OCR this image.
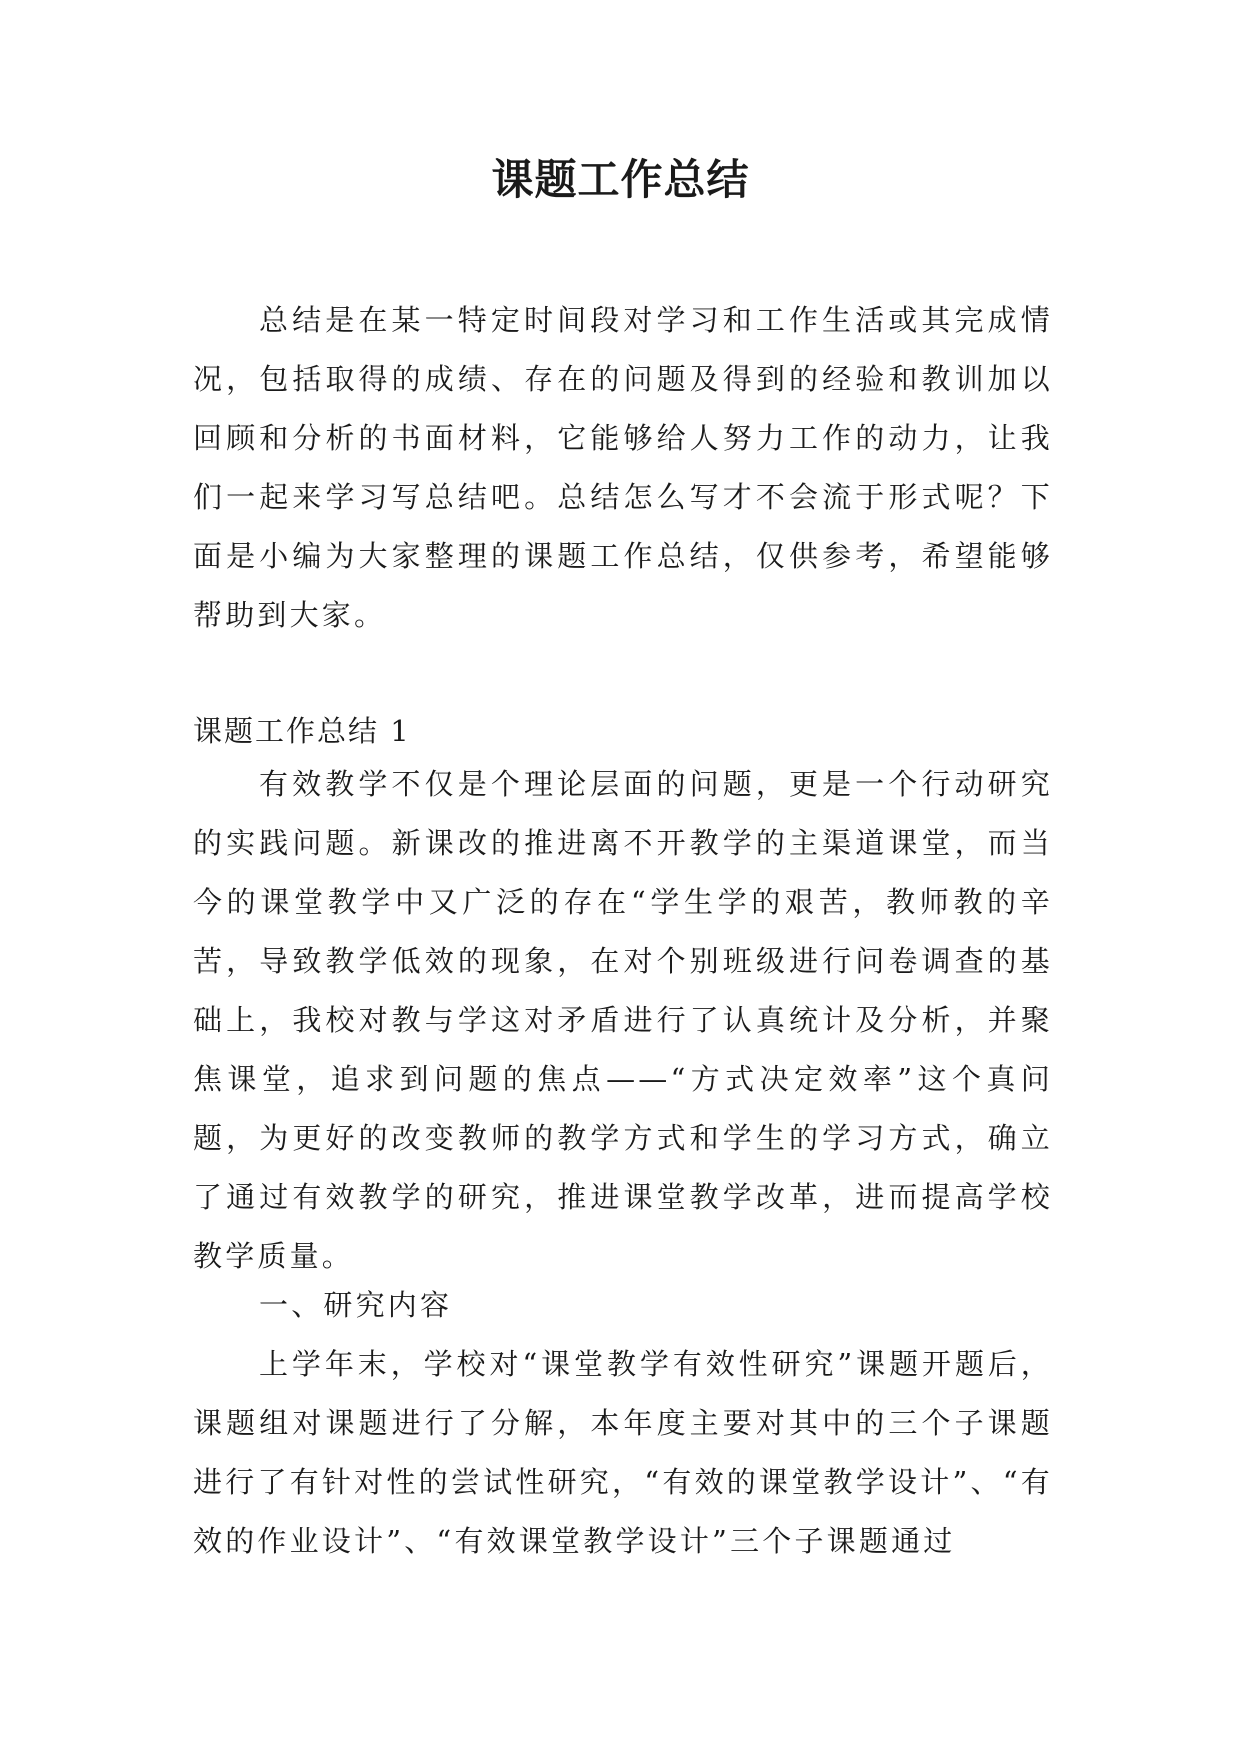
课题工作总结
总结是在某一特定时间段对学习和工作生活或其完成情况，包括取得的成绩、存在的问题及得到的经验和教训加以回顾和分析的书面材料，它能够给人努力工作的动力，让我们一起来学习写总结吧。总结怎么写才不会流于形式呢？下面是小编为大家整理的课题工作总结，仅供参考，希望能够帮助到大家。
课题工作总结 1
有效教学不仅是个理论层面的问题，更是一个行动研究的实践问题。新课改的推进离不开教学的主渠道课堂，而当今的课堂教学中又广泛的存在“学生学的艰苦，教师教的辛苦，导致教学低效的现象，在对个别班级进行问卷调查的基础上，我校对教与学这对矛盾进行了认真统计及分析，并聚焦课堂，追求到问题的焦点——“方式决定效率”这个真问题，为更好的改变教师的教学方式和学生的学习方式，确立了通过有效教学的研究，推进课堂教学改革，进而提高学校教学质量。
一、研究内容
上学年末，学校对“课堂教学有效性研究”课题开题后，课题组对课题进行了分解，本年度主要对其中的三个子课题进行了有针对性的尝试性研究，“有效的课堂教学设计”、“有效的作业设计”、“有效课堂教学设计”三个子课题通过
